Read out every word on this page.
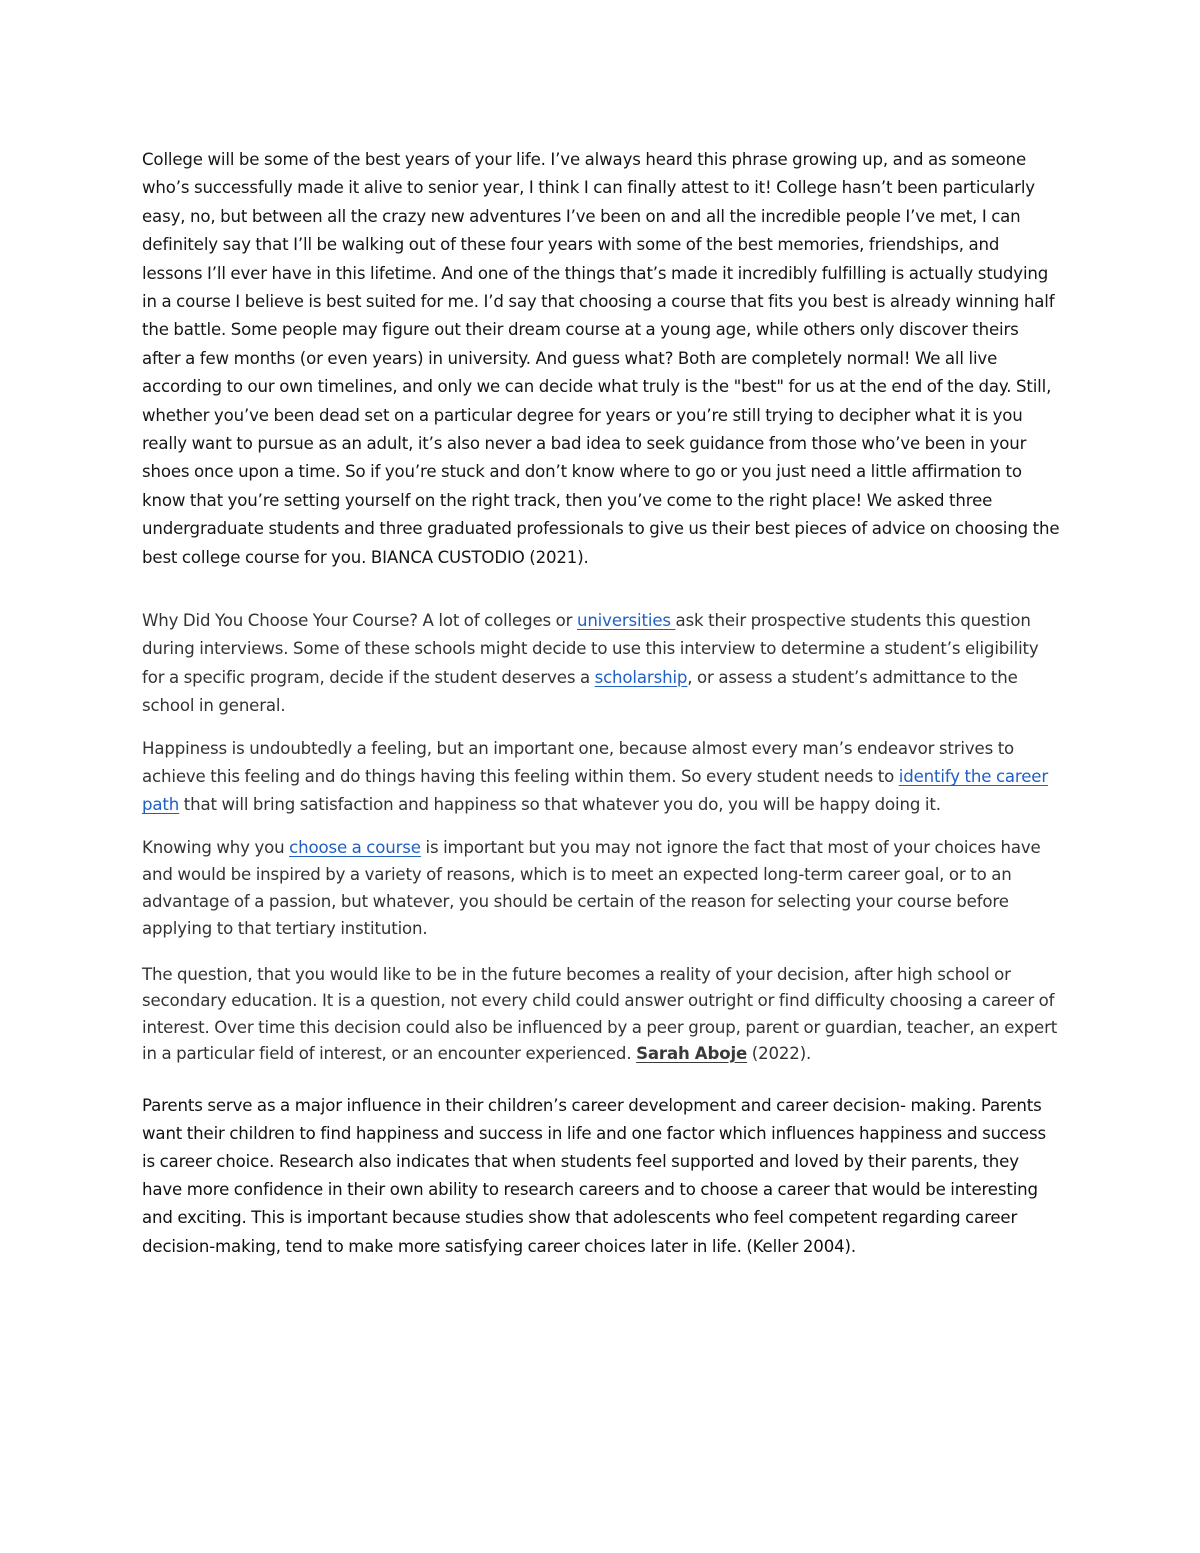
College will be some of the best years of your life. I’ve always heard this phrase growing up, and as someone who’s successfully made it alive to senior year, I think I can finally attest to it! College hasn’t been particularly easy, no, but between all the crazy new adventures I’ve been on and all the incredible people I’ve met, I can definitely say that I’ll be walking out of these four years with some of the best memories, friendships, and lessons I’ll ever have in this lifetime. And one of the things that’s made it incredibly fulfilling is actually studying in a course I believe is best suited for me. I’d say that choosing a course that fits you best is already winning half the battle. Some people may figure out their dream course at a young age, while others only discover theirs after a few months (or even years) in university. And guess what? Both are completely normal! We all live according to our own timelines, and only we can decide what truly is the "best" for us at the end of the day. Still, whether you’ve been dead set on a particular degree for years or you’re still trying to decipher what it is you really want to pursue as an adult, it’s also never a bad idea to seek guidance from those who’ve been in your shoes once upon a time. So if you’re stuck and don’t know where to go or you just need a little affirmation to know that you’re setting yourself on the right track, then you’ve come to the right place! We asked three undergraduate students and three graduated professionals to give us their best pieces of advice on choosing the best college course for you. BIANCA CUSTODIO (2021).

Why Did You Choose Your Course? A lot of colleges or universities ask their prospective students this question during interviews. Some of these schools might decide to use this interview to determine a student’s eligibility for a specific program, decide if the student deserves a scholarship, or assess a student’s admittance to the school in general.

Happiness is undoubtedly a feeling, but an important one, because almost every man’s endeavor strives to achieve this feeling and do things having this feeling within them. So every student needs to identify the career path that will bring satisfaction and happiness so that whatever you do, you will be happy doing it.

Knowing why you choose a course is important but you may not ignore the fact that most of your choices have and would be inspired by a variety of reasons, which is to meet an expected long-term career goal, or to an advantage of a passion, but whatever, you should be certain of the reason for selecting your course before applying to that tertiary institution.

The question, that you would like to be in the future becomes a reality of your decision, after high school or secondary education. It is a question, not every child could answer outright or find difficulty choosing a career of interest. Over time this decision could also be influenced by a peer group, parent or guardian, teacher, an expert in a particular field of interest, or an encounter experienced. Sarah Aboje (2022).

Parents serve as a major influence in their children’s career development and career decision- making. Parents want their children to find happiness and success in life and one factor which influences happiness and success is career choice. Research also indicates that when students feel supported and loved by their parents, they have more confidence in their own ability to research careers and to choose a career that would be interesting and exciting. This is important because studies show that adolescents who feel competent regarding career decision-making, tend to make more satisfying career choices later in life. (Keller 2004).
